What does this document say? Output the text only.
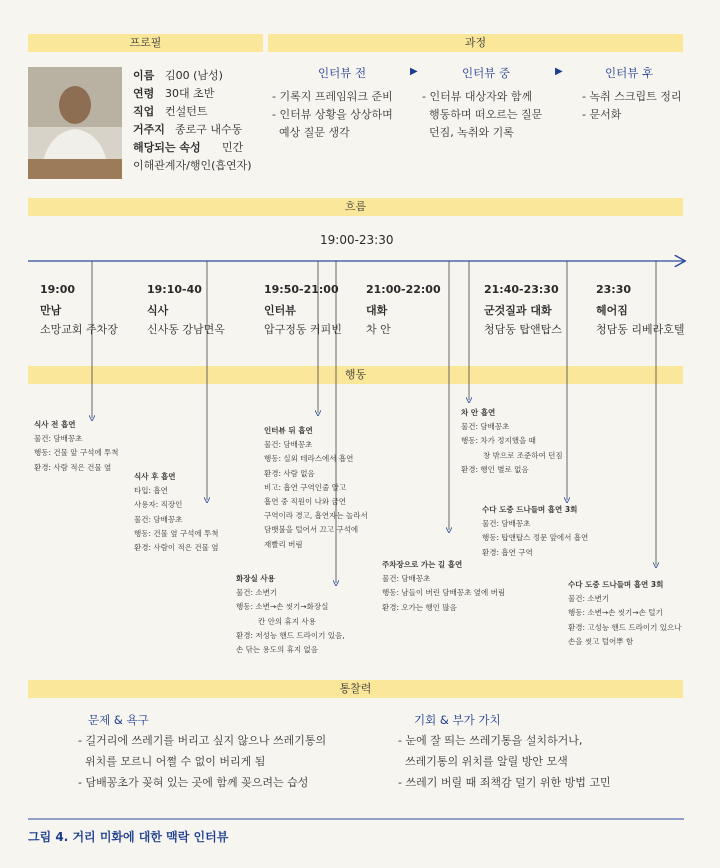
프로필	과정
흐름
행동
통찰력
이름 김00 (남성)
연령 30대 초반
직업 컨설턴트
거주지 종로구 내수동
해당되는 속성 민간
이해관계자/행인(흡연자)
인터뷰 전	▶	인터뷰 중	▶	인터뷰 후
- 기록지 프레임워크 준비
- 인터뷰 상황을 상상하며
예상 질문 생각
- 인터뷰 대상자와 함께
행동하며 떠오르는 질문
던짐, 녹취와 기록
- 녹취 스크립트 정리
- 문서화
19:00-23:30
19:00
만남
소망교회 주차장
19:10-40
식사
신사동 강남면옥
19:50-21:00
인터뷰
압구정동 커피빈
21:00-22:00
대화
차 안
21:40-23:30
군것질과 대화
청담동 탑앤탑스
23:30
헤어짐
청담동 리베라호텔
식사 전 흡연
물건: 담배꽁초
행동: 건물 앞 구석에 투척
환경: 사람 적은 건물 옆
식사 후 흡연
타입: 흡연
사용자: 직장인
물건: 담배꽁초
행동: 건물 옆 구석에 투척
환경: 사람이 적은 건물 옆
인터뷰 뒤 흡연
물건: 담배꽁초
행동: 실외 테라스에서 흡연
환경: 사람 없음
비고: 흡연 구역인줄 알고
흡연 중 직원이 나와 금연
구역이라 경고, 흡연자는 놀라서
담뱃불을 털어서 끄고 구석에
재빨리 버림
화장실 사용
물건: 소변기
행동: 소변→손 씻기→화장실
칸 안의 휴지 사용
환경: 저성능 핸드 드라이기 있음,
손 닦는 용도의 휴지 없음
차 안 흡연
물건: 담배꽁초
행동: 차가 정지했을 때
창 밖으로 조준하여 던짐
환경: 행인 별로 없음
주차장으로 가는 길 흡연
물건: 담배꽁초
행동: 남들이 버린 담배꽁초 옆에 버림
환경: 오가는 행인 많음
수다 도중 드나들며 흡연 3회
물건: 담배꽁초
행동: 탑앤탑스 정문 앞에서 흡연
환경: 흡연 구역
수다 도중 드나들며 흡연 3회
물건: 소변기
행동: 소변→손 씻기→손 털기
환경: 고성능 핸드 드라이기 있으나
손을 씻고 털어뿌 함
문제 & 욕구
- 길거리에 쓰레기를 버리고 싶지 않으나 쓰레기통의
위치를 모르니 어쩔 수 없이 버리게 됨
- 담배꽁초가 꽂혀 있는 곳에 함께 꽂으려는 습성
기회 & 부가 가치
- 눈에 잘 띄는 쓰레기통을 설치하거나,
쓰레기통의 위치를 알릴 방안 모색
- 쓰레기 버릴 때 죄책감 덜기 위한 방법 고민
그림 4. 거리 미화에 대한 맥락 인터뷰
